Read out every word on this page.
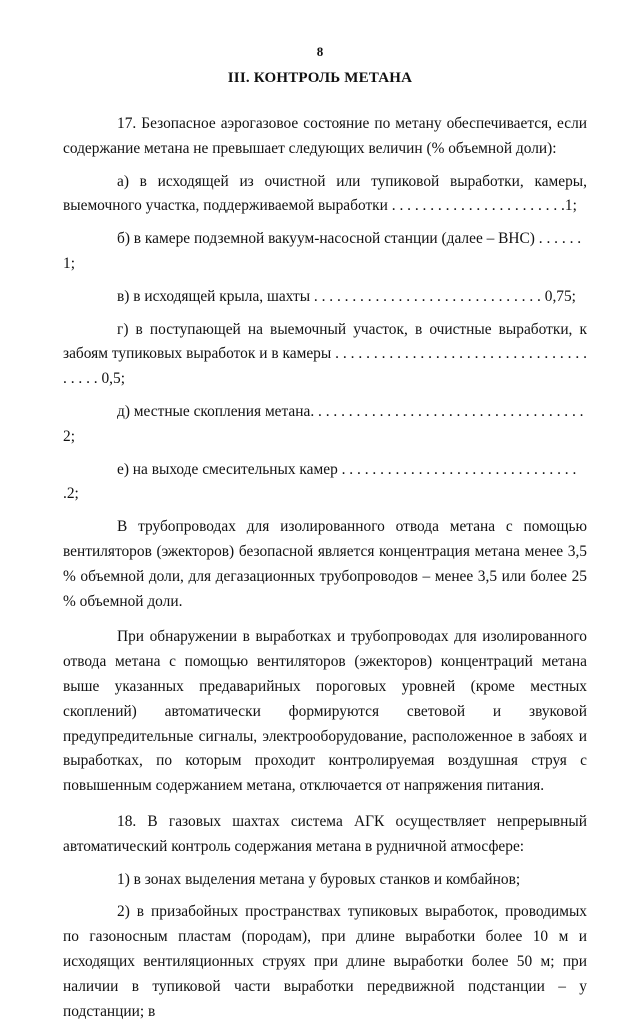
8
III. КОНТРОЛЬ МЕТАНА

17. Безопасное аэрогазовое состояние по метану обеспечивается, если содержание метана не превышает следующих величин (% объемной доли):

а) в исходящей из очистной или тупиковой выработки, камеры, выемочного участка, поддерживаемой выработки . . . . . . . . . . . . . . . . . . . . . . .1;

б) в камере подземной вакуум-насосной станции (далее – ВНС) . . . . . . 1;

в) в исходящей крыла, шахты . . . . . . . . . . . . . . . . . . . . . . . . . . . . . . 0,75;

г) в поступающей на выемочный участок, в очистные выработки, к забоям тупиковых выработок и в камеры . . . . . . . . . . . . . . . . . . . . . . . . . . . . . . . . . . . . . . 0,5;

д) местные скопления метана. . . . . . . . . . . . . . . . . . . . . . . . . . . . . . . . . . . . 2;

е) на выходе смесительных камер . . . . . . . . . . . . . . . . . . . . . . . . . . . . . . . .2;

В трубопроводах для изолированного отвода метана с помощью вентиляторов (эжекторов) безопасной является концентрация метана менее 3,5 % объемной доли, для дегазационных трубопроводов – менее 3,5 или более 25 % объемной доли.

При обнаружении в выработках и трубопроводах для изолированного отвода метана с помощью вентиляторов (эжекторов) концентраций метана выше указанных предаварийных пороговых уровней (кроме местных скоплений) автоматически формируются световой и звуковой предупредительные сигналы, электрооборудование, расположенное в забоях и выработках, по которым проходит контролируемая воздушная струя с повышенным содержанием метана, отключается от напряжения питания.

18. В газовых шахтах система АГК осуществляет непрерывный автоматический контроль содержания метана в рудничной атмосфере:

1) в зонах выделения метана у буровых станков и комбайнов;

2) в призабойных пространствах тупиковых выработок, проводимых по газоносным пластам (породам), при длине выработки более 10 м и исходящих вентиляционных струях при длине выработки более 50 м; при наличии в тупиковой части выработки передвижной подстанции – у подстанции; в
